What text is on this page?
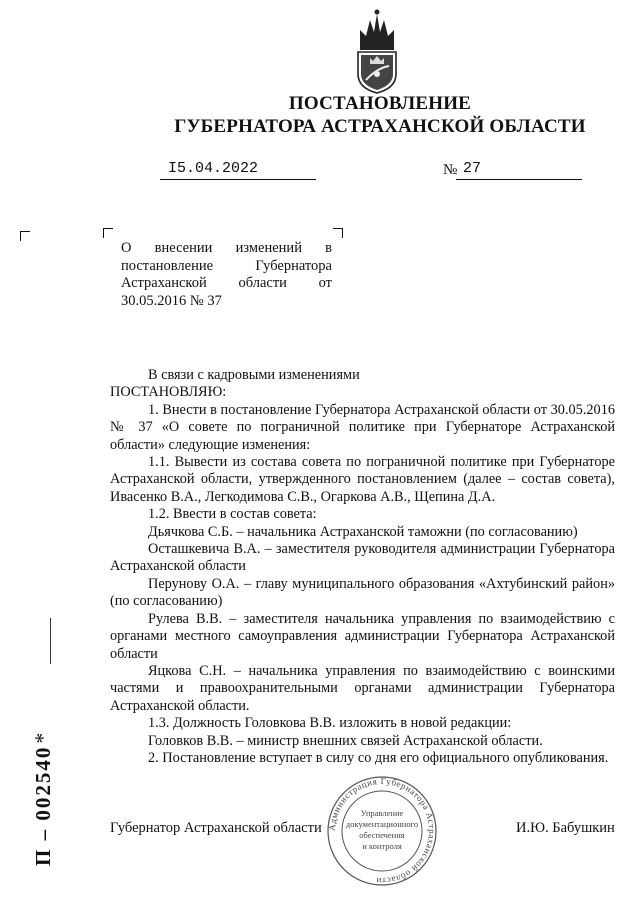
ПОСТАНОВЛЕНИЕ
ГУБЕРНАТОРА АСТРАХАНСКОЙ ОБЛАСТИ
I5.04.2022	№ 27
О внесении изменений в постановление Губернатора Астраханской области от 30.05.2016 № 37

В связи с кадровыми изменениями

ПОСТАНОВЛЯЮ:

1. Внести в постановление Губернатора Астраханской области от 30.05.2016 № 37 «О совете по пограничной политике при Губернаторе Астраханской области» следующие изменения:

1.1. Вывести из состава совета по пограничной политике при Губернаторе Астраханской области, утвержденного постановлением (далее – состав совета), Ивасенко В.А., Легкодимова С.В., Огаркова А.В., Щепина Д.А.

1.2. Ввести в состав совета:

Дьячкова С.Б. – начальника Астраханской таможни (по согласованию)

Осташкевича В.А. – заместителя руководителя администрации Губернатора Астраханской области

Перунову О.А. – главу муниципального образования «Ахтубинский район» (по согласованию)

Рулева В.В. – заместителя начальника управления по взаимодействию с органами местного самоуправления администрации Губернатора Астраханской области

Яцкова С.Н. – начальника управления по взаимодействию с воинскими частями и правоохранительными органами администрации Губернатора Астраханской области.

1.3. Должность Головкова В.В. изложить в новой редакции:

Головков В.В. – министр внешних связей Астраханской области.

2. Постановление вступает в силу со дня его официального опубликования.

Администрация Губернатора Астраханской области
Управление
документационного
обеспечения
и контроля
Губернатор Астраханской области	И.Ю. Бабушкин
П – 002540*
